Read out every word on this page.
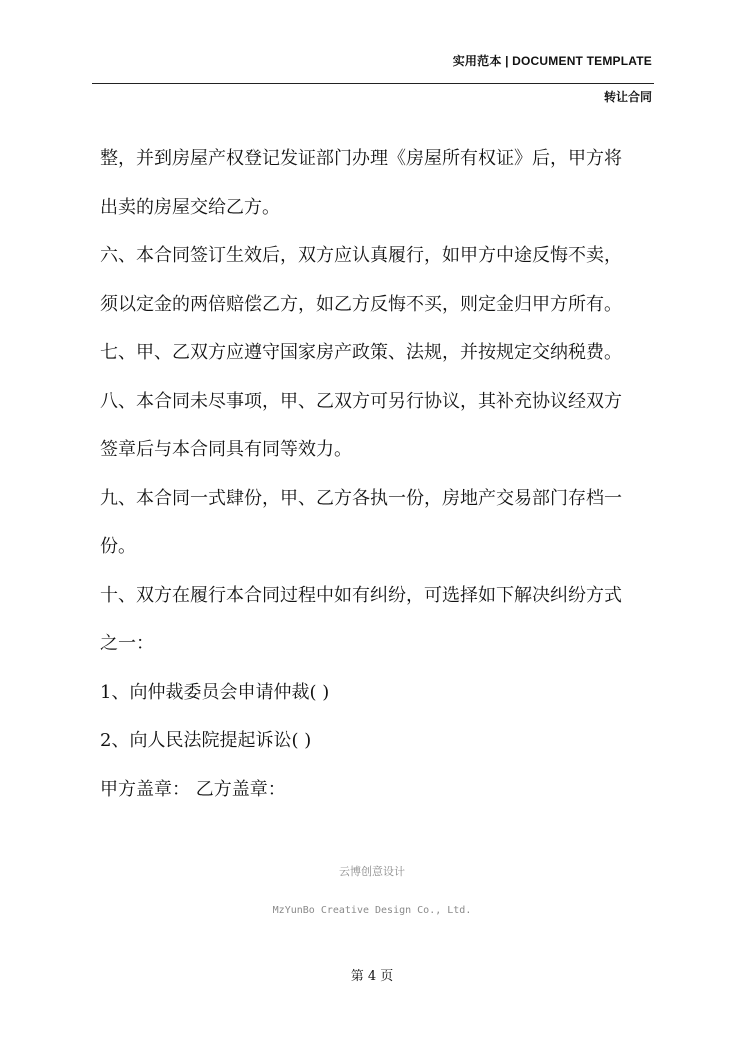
实用范本 | DOCUMENT TEMPLATE
转让合同

整，并到房屋产权登记发证部门办理《房屋所有权证》后，甲方将

出卖的房屋交给乙方。

六、本合同签订生效后，双方应认真履行，如甲方中途反悔不卖，

须以定金的两倍赔偿乙方，如乙方反悔不买，则定金归甲方所有。

七、甲、乙双方应遵守国家房产政策、法规，并按规定交纳税费。

八、本合同未尽事项，甲、乙双方可另行协议，其补充协议经双方

签章后与本合同具有同等效力。

九、本合同一式肆份，甲、乙方各执一份，房地产交易部门存档一

份。

十、双方在履行本合同过程中如有纠纷，可选择如下解决纠纷方式

之一：

1、向仲裁委员会申请仲裁( )

2、向人民法院提起诉讼( )

甲方盖章： 乙方盖章：

云博创意设计
MzYunBo Creative Design Co., Ltd.
第 4 页
